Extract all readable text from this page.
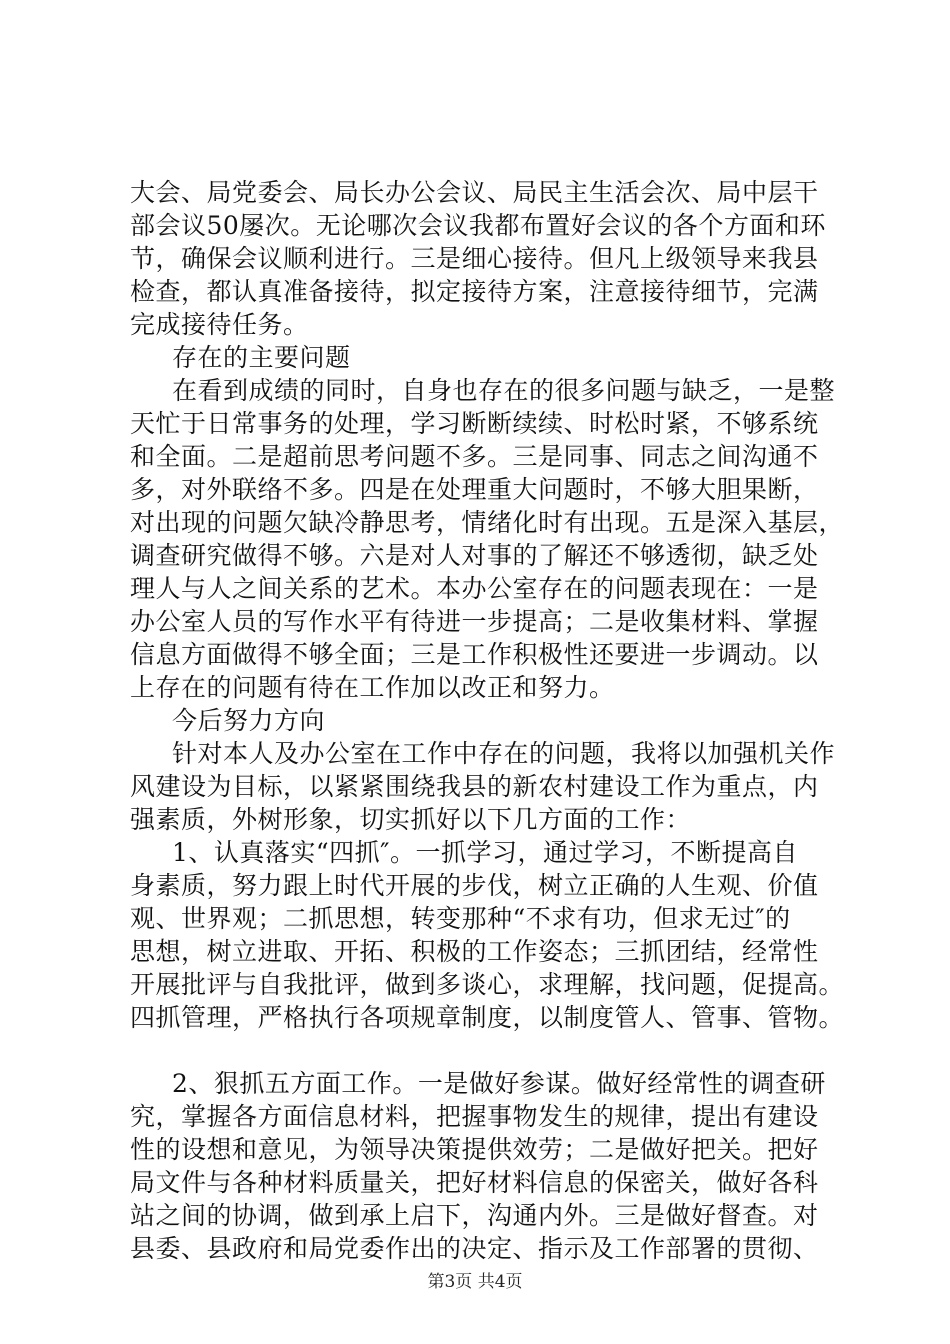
大会、局党委会、局长办公会议、局民主生活会次、局中层干
部会议50屡次。无论哪次会议我都布置好会议的各个方面和环
节，确保会议顺利进行。三是细心接待。但凡上级领导来我县
检查，都认真准备接待，拟定接待方案，注意接待细节，完满
完成接待任务。
存在的主要问题
在看到成绩的同时，自身也存在的很多问题与缺乏，一是整
天忙于日常事务的处理，学习断断续续、时松时紧，不够系统
和全面。二是超前思考问题不多。三是同事、同志之间沟通不
多，对外联络不多。四是在处理重大问题时，不够大胆果断，
对出现的问题欠缺冷静思考，情绪化时有出现。五是深入基层，
调查研究做得不够。六是对人对事的了解还不够透彻，缺乏处
理人与人之间关系的艺术。本办公室存在的问题表现在：一是
办公室人员的写作水平有待进一步提高；二是收集材料、掌握
信息方面做得不够全面；三是工作积极性还要进一步调动。以
上存在的问题有待在工作加以改正和努力。
今后努力方向
针对本人及办公室在工作中存在的问题，我将以加强机关作
风建设为目标，以紧紧围绕我县的新农村建设工作为重点，内
强素质，外树形象，切实抓好以下几方面的工作：
1、认真落实“四抓″。一抓学习，通过学习，不断提高自
身素质，努力跟上时代开展的步伐，树立正确的人生观、价值
观、世界观；二抓思想，转变那种“不求有功，但求无过″的
思想，树立进取、开拓、积极的工作姿态；三抓团结，经常性
开展批评与自我批评，做到多谈心，求理解，找问题，促提高。
四抓管理，严格执行各项规章制度，以制度管人、管事、管物。
2、狠抓五方面工作。一是做好参谋。做好经常性的调查研
究，掌握各方面信息材料，把握事物发生的规律，提出有建设
性的设想和意见，为领导决策提供效劳；二是做好把关。把好
局文件与各种材料质量关，把好材料信息的保密关，做好各科
站之间的协调，做到承上启下，沟通内外。三是做好督查。对
县委、县政府和局党委作出的决定、指示及工作部署的贯彻、
第3页 共4页
